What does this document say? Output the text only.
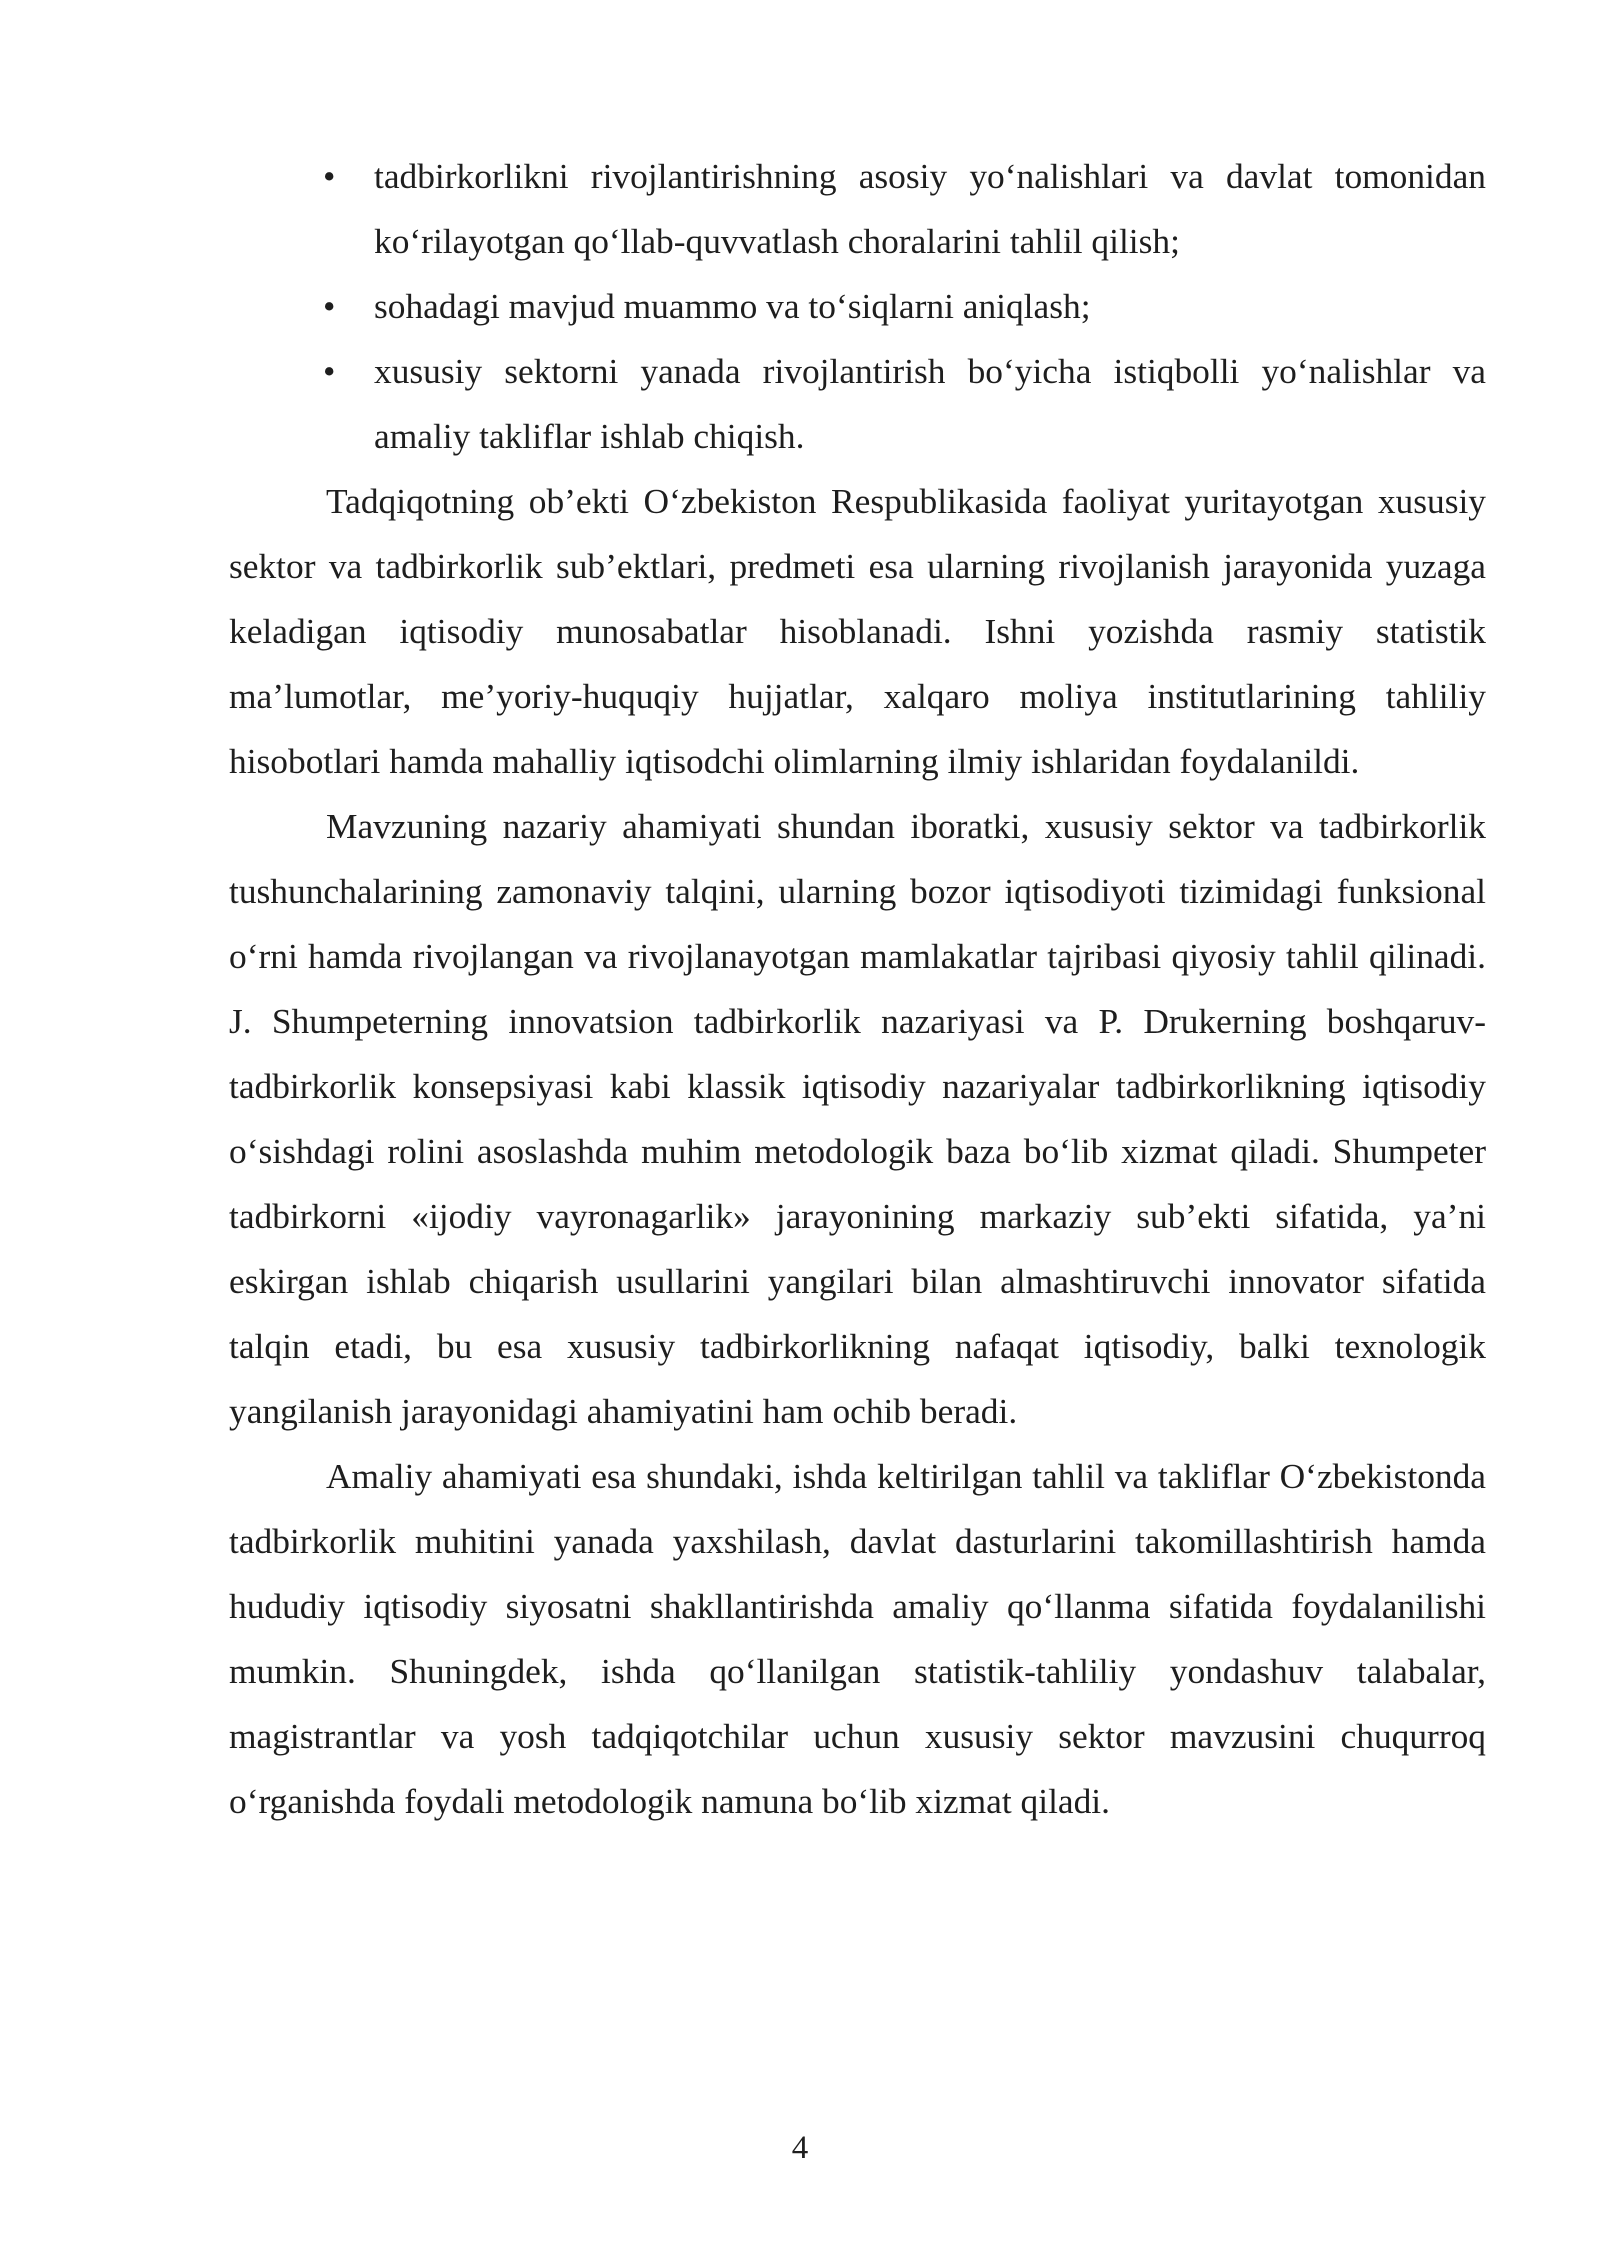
• tadbirkorlikni rivojlantirishning asosiy yo‘nalishlari va davlat tomonidan ko‘rilayotgan qo‘llab-quvvatlash choralarini tahlil qilish;
• sohadagi mavjud muammo va to‘siqlarni aniqlash;
• xususiy sektorni yanada rivojlantirish bo‘yicha istiqbolli yo‘nalishlar va amaliy takliflar ishlab chiqish.

Tadqiqotning ob’ekti O‘zbekiston Respublikasida faoliyat yuritayotgan xususiy sektor va tadbirkorlik sub’ektlari, predmeti esa ularning rivojlanish jarayonida yuzaga keladigan iqtisodiy munosabatlar hisoblanadi. Ishni yozishda rasmiy statistik ma’lumotlar, me’yoriy-huquqiy hujjatlar, xalqaro moliya institutlarining tahliliy hisobotlari hamda mahalliy iqtisodchi olimlarning ilmiy ishlaridan foydalanildi.

Mavzuning nazariy ahamiyati shundan iboratki, xususiy sektor va tadbirkorlik tushunchalarining zamonaviy talqini, ularning bozor iqtisodiyoti tizimidagi funksional o‘rni hamda rivojlangan va rivojlanayotgan mamlakatlar tajribasi qiyosiy tahlil qilinadi. J. Shumpeterning innovatsion tadbirkorlik nazariyasi va P. Drukerning boshqaruv-tadbirkorlik konsepsiyasi kabi klassik iqtisodiy nazariyalar tadbirkorlikning iqtisodiy o‘sishdagi rolini asoslashda muhim metodologik baza bo‘lib xizmat qiladi. Shumpeter tadbirkorni «ijodiy vayronagarlik» jarayonining markaziy sub’ekti sifatida, ya’ni eskirgan ishlab chiqarish usullarini yangilari bilan almashtiruvchi innovator sifatida talqin etadi, bu esa xususiy tadbirkorlikning nafaqat iqtisodiy, balki texnologik yangilanish jarayonidagi ahamiyatini ham ochib beradi.

Amaliy ahamiyati esa shundaki, ishda keltirilgan tahlil va takliflar O‘zbekistonda tadbirkorlik muhitini yanada yaxshilash, davlat dasturlarini takomillashtirish hamda hududiy iqtisodiy siyosatni shakllantirishda amaliy qo‘llanma sifatida foydalanilishi mumkin. Shuningdek, ishda qo‘llanilgan statistik-tahliliy yondashuv talabalar, magistrantlar va yosh tadqiqotchilar uchun xususiy sektor mavzusini chuqurroq o‘rganishda foydali metodologik namuna bo‘lib xizmat qiladi.

4
